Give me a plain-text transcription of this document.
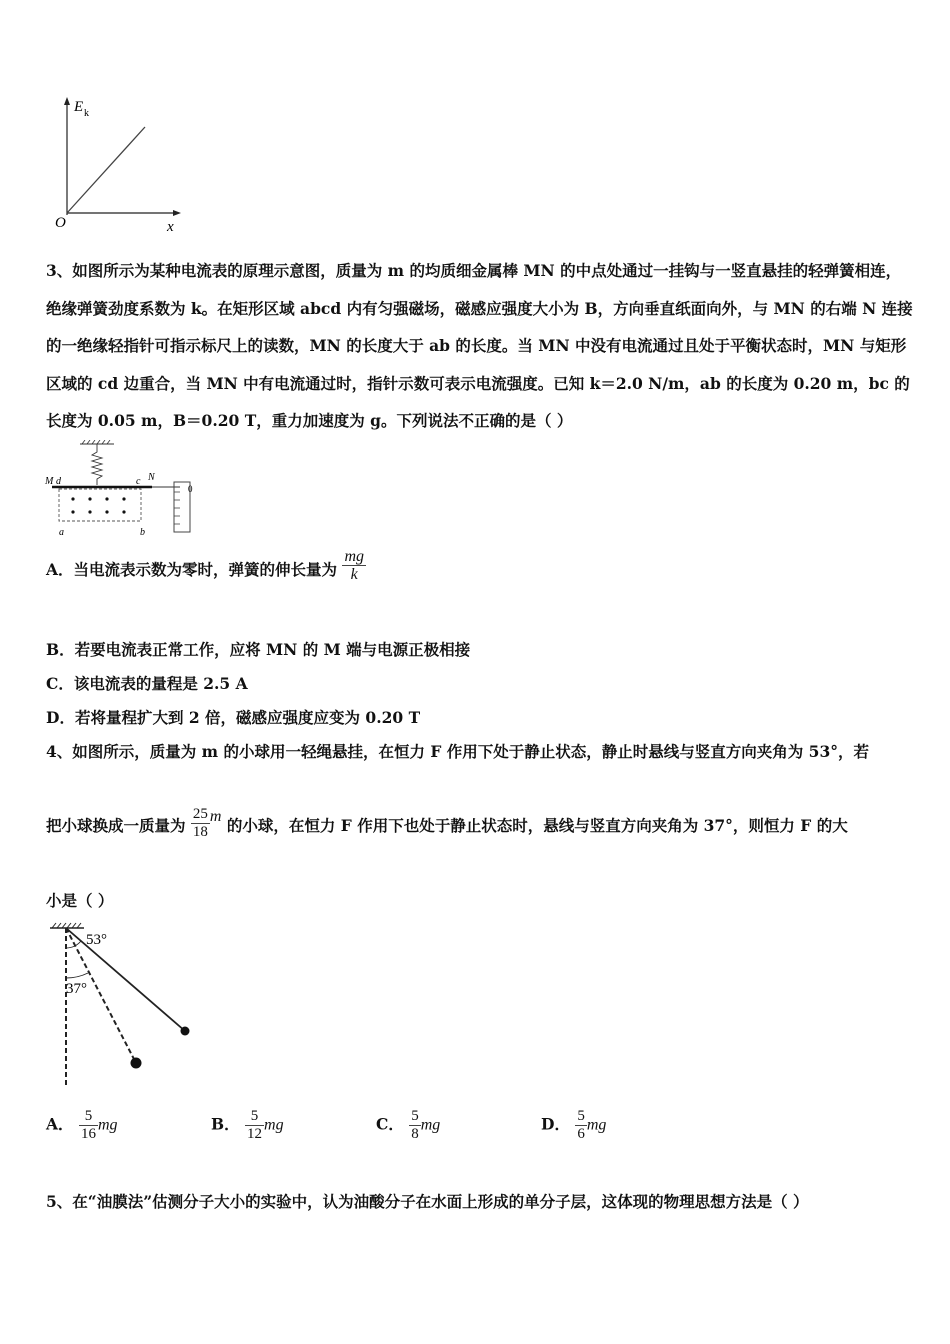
E k
O	x
3、如图所示为某种电流表的原理示意图，质量为 m 的均质细金属棒 MN 的中点处通过一挂钩与一竖直悬挂的轻弹簧相连，绝缘弹簧劲度系数为 k。在矩形区域 abcd 内有匀强磁场，磁感应强度大小为 B，方向垂直纸面向外，与 MN 的右端 N 连接的一绝缘轻指针可指示标尺上的读数，MN 的长度大于 ab 的长度。当 MN 中没有电流通过且处于平衡状态时，MN 与矩形区域的 cd 边重合，当 MN 中有电流通过时，指针示数可表示电流强度。已知 k＝2.0 N/m，ab 的长度为 0.20 m，bc 的长度为 0.05 m，B＝0.20 T，重力加速度为 g。下列说法不正确的是（ ）
M d	c N
a	b
0
A．当电流表示数为零时，弹簧的伸长量为 $\frac{mg}{k}$
B．若要电流表正常工作，应将 MN 的 M 端与电源正极相接
C．该电流表的量程是 2.5 A
D．若将量程扩大到 2 倍，磁感应强度应变为 0.20 T
4、如图所示，质量为 m 的小球用一轻绳悬挂，在恒力 F 作用下处于静止状态，静止时悬线与竖直方向夹角为 53°，若
把小球换成一质量为 $\frac{25}{18}$ m 的小球，在恒力 F 作用下也处于静止状态时，悬线与竖直方向夹角为 37°，则恒力 F 的大
小是（ ）
53°
37°
A． $\frac{5}{16}$ mg	B． $\frac{5}{12}$ mg	C． $\frac{5}{8}$ mg	D． $\frac{5}{6}$ mg
5、在“油膜法”估测分子大小的实验中，认为油酸分子在水面上形成的单分子层，这体现的物理思想方法是（ ）
